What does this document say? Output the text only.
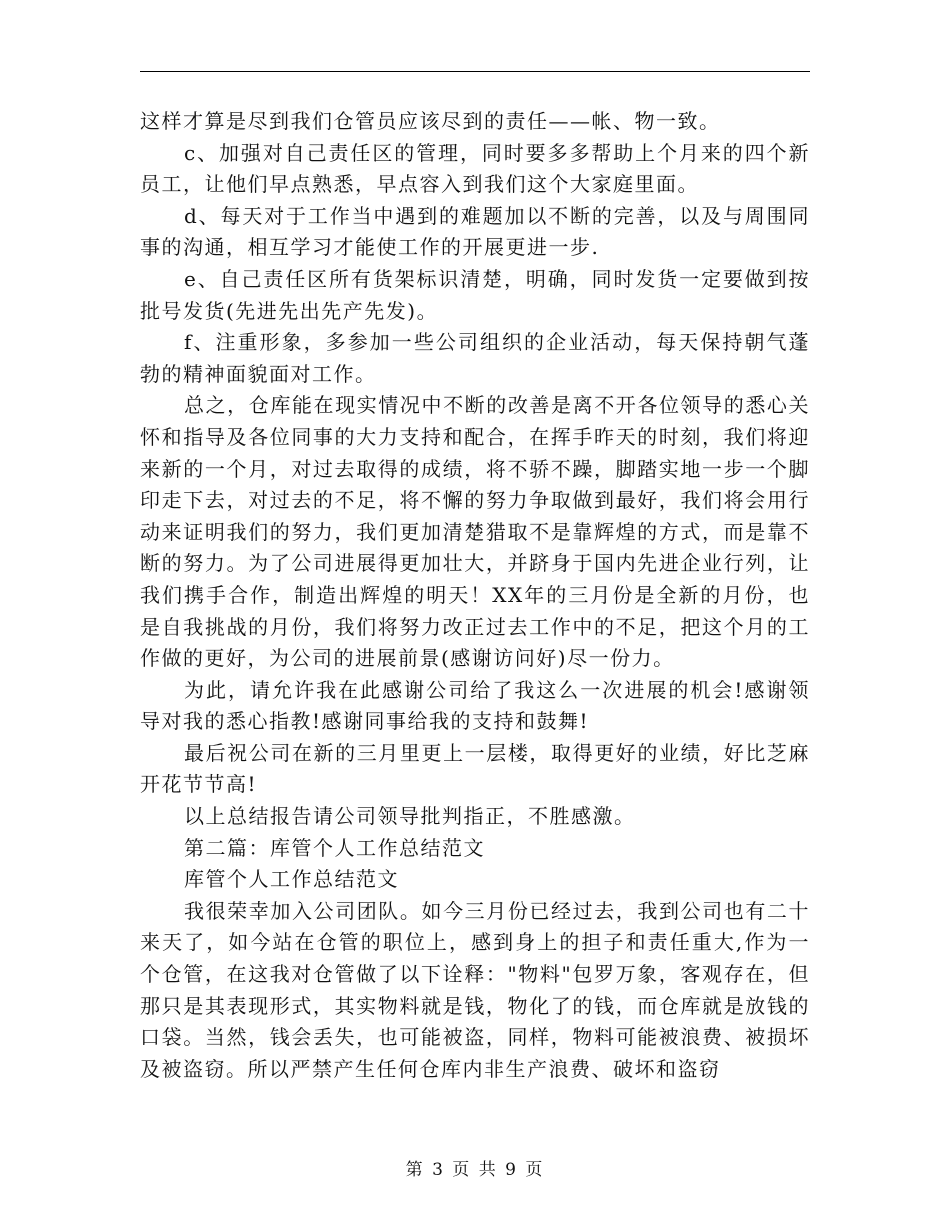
这样才算是尽到我们仓管员应该尽到的责任——帐、物一致。

c、加强对自己责任区的管理，同时要多多帮助上个月来的四个新员工，让他们早点熟悉，早点容入到我们这个大家庭里面。

d、每天对于工作当中遇到的难题加以不断的完善，以及与周围同事的沟通，相互学习才能使工作的开展更进一步.

e、自己责任区所有货架标识清楚，明确，同时发货一定要做到按批号发货(先进先出先产先发)。

f、注重形象，多参加一些公司组织的企业活动，每天保持朝气蓬勃的精神面貌面对工作。

总之，仓库能在现实情况中不断的改善是离不开各位领导的悉心关怀和指导及各位同事的大力支持和配合，在挥手昨天的时刻，我们将迎来新的一个月，对过去取得的成绩，将不骄不躁，脚踏实地一步一个脚印走下去，对过去的不足，将不懈的努力争取做到最好，我们将会用行动来证明我们的努力，我们更加清楚猎取不是靠辉煌的方式，而是靠不断的努力。为了公司进展得更加壮大，并跻身于国内先进企业行列，让我们携手合作，制造出辉煌的明天！XX年的三月份是全新的月份，也是自我挑战的月份，我们将努力改正过去工作中的不足，把这个月的工作做的更好，为公司的进展前景(感谢访问好)尽一份力。

为此，请允许我在此感谢公司给了我这么一次进展的机会!感谢领导对我的悉心指教!感谢同事给我的支持和鼓舞!

最后祝公司在新的三月里更上一层楼，取得更好的业绩，好比芝麻开花节节高!

以上总结报告请公司领导批判指正，不胜感激。

第二篇：库管个人工作总结范文

库管个人工作总结范文

我很荣幸加入公司团队。如今三月份已经过去，我到公司也有二十来天了，如今站在仓管的职位上，感到身上的担子和责任重大,作为一个仓管，在这我对仓管做了以下诠释："物料"包罗万象，客观存在，但那只是其表现形式，其实物料就是钱，物化了的钱，而仓库就是放钱的口袋。当然，钱会丢失，也可能被盗，同样，物料可能被浪费、被损坏及被盗窃。所以严禁产生任何仓库内非生产浪费、破坏和盗窃

第 3 页 共 9 页
